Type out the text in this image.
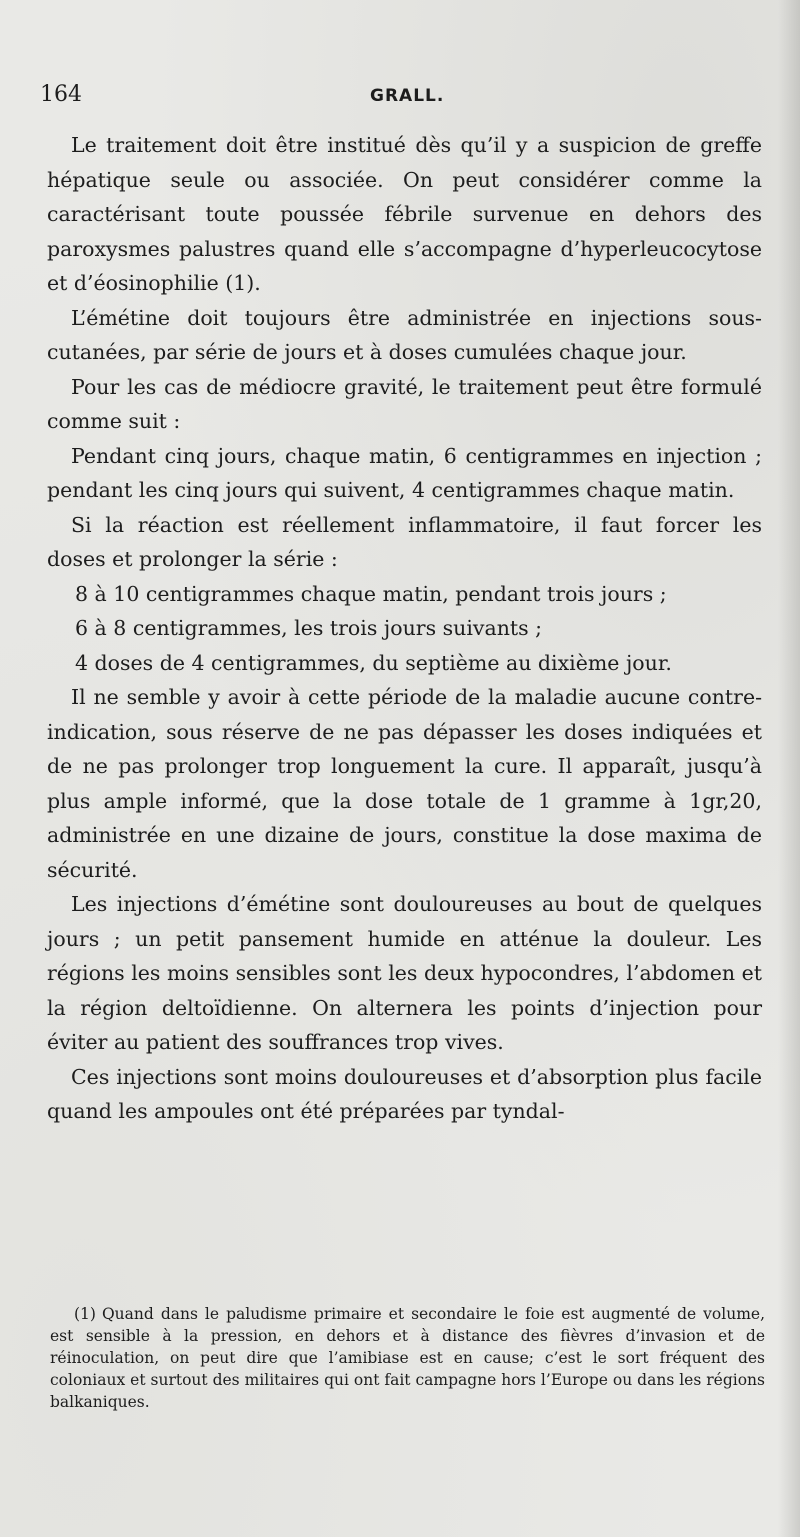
164	GRALL.

Le traitement doit être institué dès qu’il y a suspicion de greffe hépatique seule ou associée. On peut considérer comme la caractérisant toute poussée fébrile survenue en dehors des paroxysmes palustres quand elle s’accompagne d’hyperleucocytose et d’éosinophilie (1).

L’émétine doit toujours être administrée en injections sous-cutanées, par série de jours et à doses cumulées chaque jour.

Pour les cas de médiocre gravité, le traitement peut être formulé comme suit :

Pendant cinq jours, chaque matin, 6 centigrammes en injection ; pendant les cinq jours qui suivent, 4 centigrammes chaque matin.

Si la réaction est réellement inflammatoire, il faut forcer les doses et prolonger la série :

8 à 10 centigrammes chaque matin, pendant trois jours ;

6 à 8 centigrammes, les trois jours suivants ;

4 doses de 4 centigrammes, du septième au dixième jour.

Il ne semble y avoir à cette période de la maladie aucune contre-indication, sous réserve de ne pas dépasser les doses indiquées et de ne pas prolonger trop longuement la cure. Il apparaît, jusqu’à plus ample informé, que la dose totale de 1 gramme à 1gr,20, administrée en une dizaine de jours, constitue la dose maxima de sécurité.

Les injections d’émétine sont douloureuses au bout de quelques jours ; un petit pansement humide en atténue la douleur. Les régions les moins sensibles sont les deux hypocondres, l’abdomen et la région deltoïdienne. On alternera les points d’injection pour éviter au patient des souffrances trop vives.

Ces injections sont moins douloureuses et d’absorption plus facile quand les ampoules ont été préparées par tyndal-

(1) Quand dans le paludisme primaire et secondaire le foie est augmenté de volume, est sensible à la pression, en dehors et à distance des fièvres d’invasion et de réinoculation, on peut dire que l’amibiase est en cause; c’est le sort fréquent des coloniaux et surtout des militaires qui ont fait campagne hors l’Europe ou dans les régions balkaniques.
